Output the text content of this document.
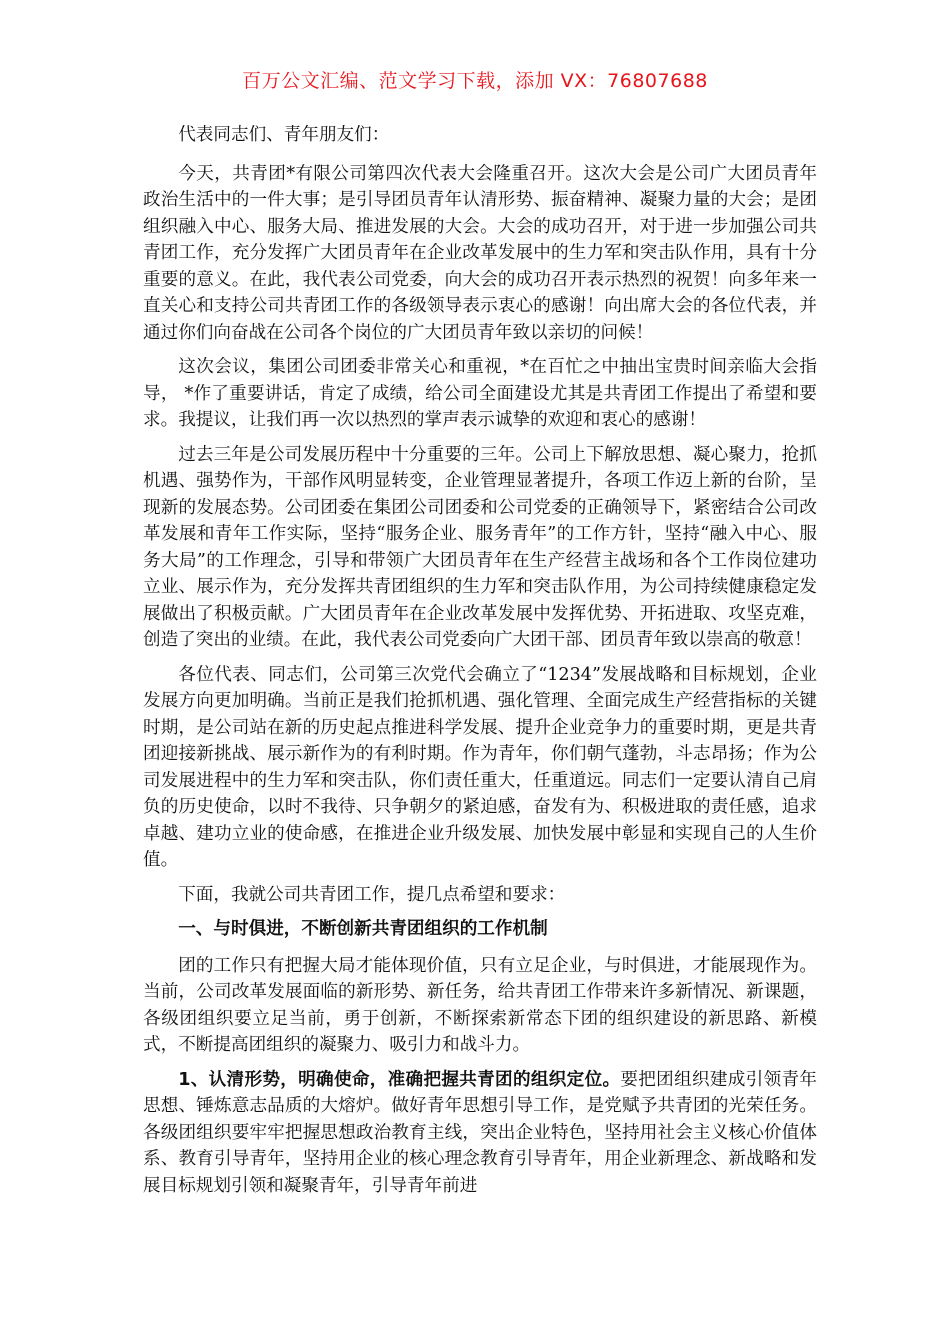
百万公文汇编、范文学习下载，添加 VX：76807688

代表同志们、青年朋友们：

今天，共青团*有限公司第四次代表大会隆重召开。这次大会是公司广大团员青年政治生活中的一件大事；是引导团员青年认清形势、振奋精神、凝聚力量的大会；是团组织融入中心、服务大局、推进发展的大会。大会的成功召开，对于进一步加强公司共青团工作，充分发挥广大团员青年在企业改革发展中的生力军和突击队作用，具有十分重要的意义。在此，我代表公司党委，向大会的成功召开表示热烈的祝贺！向多年来一直关心和支持公司共青团工作的各级领导表示衷心的感谢！向出席大会的各位代表，并通过你们向奋战在公司各个岗位的广大团员青年致以亲切的问候！

这次会议，集团公司团委非常关心和重视，*在百忙之中抽出宝贵时间亲临大会指导， *作了重要讲话，肯定了成绩，给公司全面建设尤其是共青团工作提出了希望和要求。我提议，让我们再一次以热烈的掌声表示诚挚的欢迎和衷心的感谢！

过去三年是公司发展历程中十分重要的三年。公司上下解放思想、凝心聚力，抢抓机遇、强势作为，干部作风明显转变，企业管理显著提升，各项工作迈上新的台阶，呈现新的发展态势。公司团委在集团公司团委和公司党委的正确领导下，紧密结合公司改革发展和青年工作实际，坚持“服务企业、服务青年”的工作方针，坚持“融入中心、服务大局”的工作理念，引导和带领广大团员青年在生产经营主战场和各个工作岗位建功立业、展示作为，充分发挥共青团组织的生力军和突击队作用，为公司持续健康稳定发展做出了积极贡献。广大团员青年在企业改革发展中发挥优势、开拓进取、攻坚克难，创造了突出的业绩。在此，我代表公司党委向广大团干部、团员青年致以崇高的敬意！

各位代表、同志们，公司第三次党代会确立了“1234”发展战略和目标规划，企业发展方向更加明确。当前正是我们抢抓机遇、强化管理、全面完成生产经营指标的关键时期，是公司站在新的历史起点推进科学发展、提升企业竞争力的重要时期，更是共青团迎接新挑战、展示新作为的有利时期。作为青年，你们朝气蓬勃，斗志昂扬；作为公司发展进程中的生力军和突击队，你们责任重大，任重道远。同志们一定要认清自己肩负的历史使命，以时不我待、只争朝夕的紧迫感，奋发有为、积极进取的责任感，追求卓越、建功立业的使命感，在推进企业升级发展、加快发展中彰显和实现自己的人生价值。

下面，我就公司共青团工作，提几点希望和要求：

一、与时俱进，不断创新共青团组织的工作机制

团的工作只有把握大局才能体现价值，只有立足企业，与时俱进，才能展现作为。当前，公司改革发展面临的新形势、新任务，给共青团工作带来许多新情况、新课题，各级团组织要立足当前，勇于创新，不断探索新常态下团的组织建设的新思路、新模式，不断提高团组织的凝聚力、吸引力和战斗力。

1、认清形势，明确使命，准确把握共青团的组织定位。要把团组织建成引领青年思想、锤炼意志品质的大熔炉。做好青年思想引导工作，是党赋予共青团的光荣任务。各级团组织要牢牢把握思想政治教育主线，突出企业特色，坚持用社会主义核心价值体系、教育引导青年，坚持用企业的核心理念教育引导青年，用企业新理念、新战略和发展目标规划引领和凝聚青年，引导青年前进
